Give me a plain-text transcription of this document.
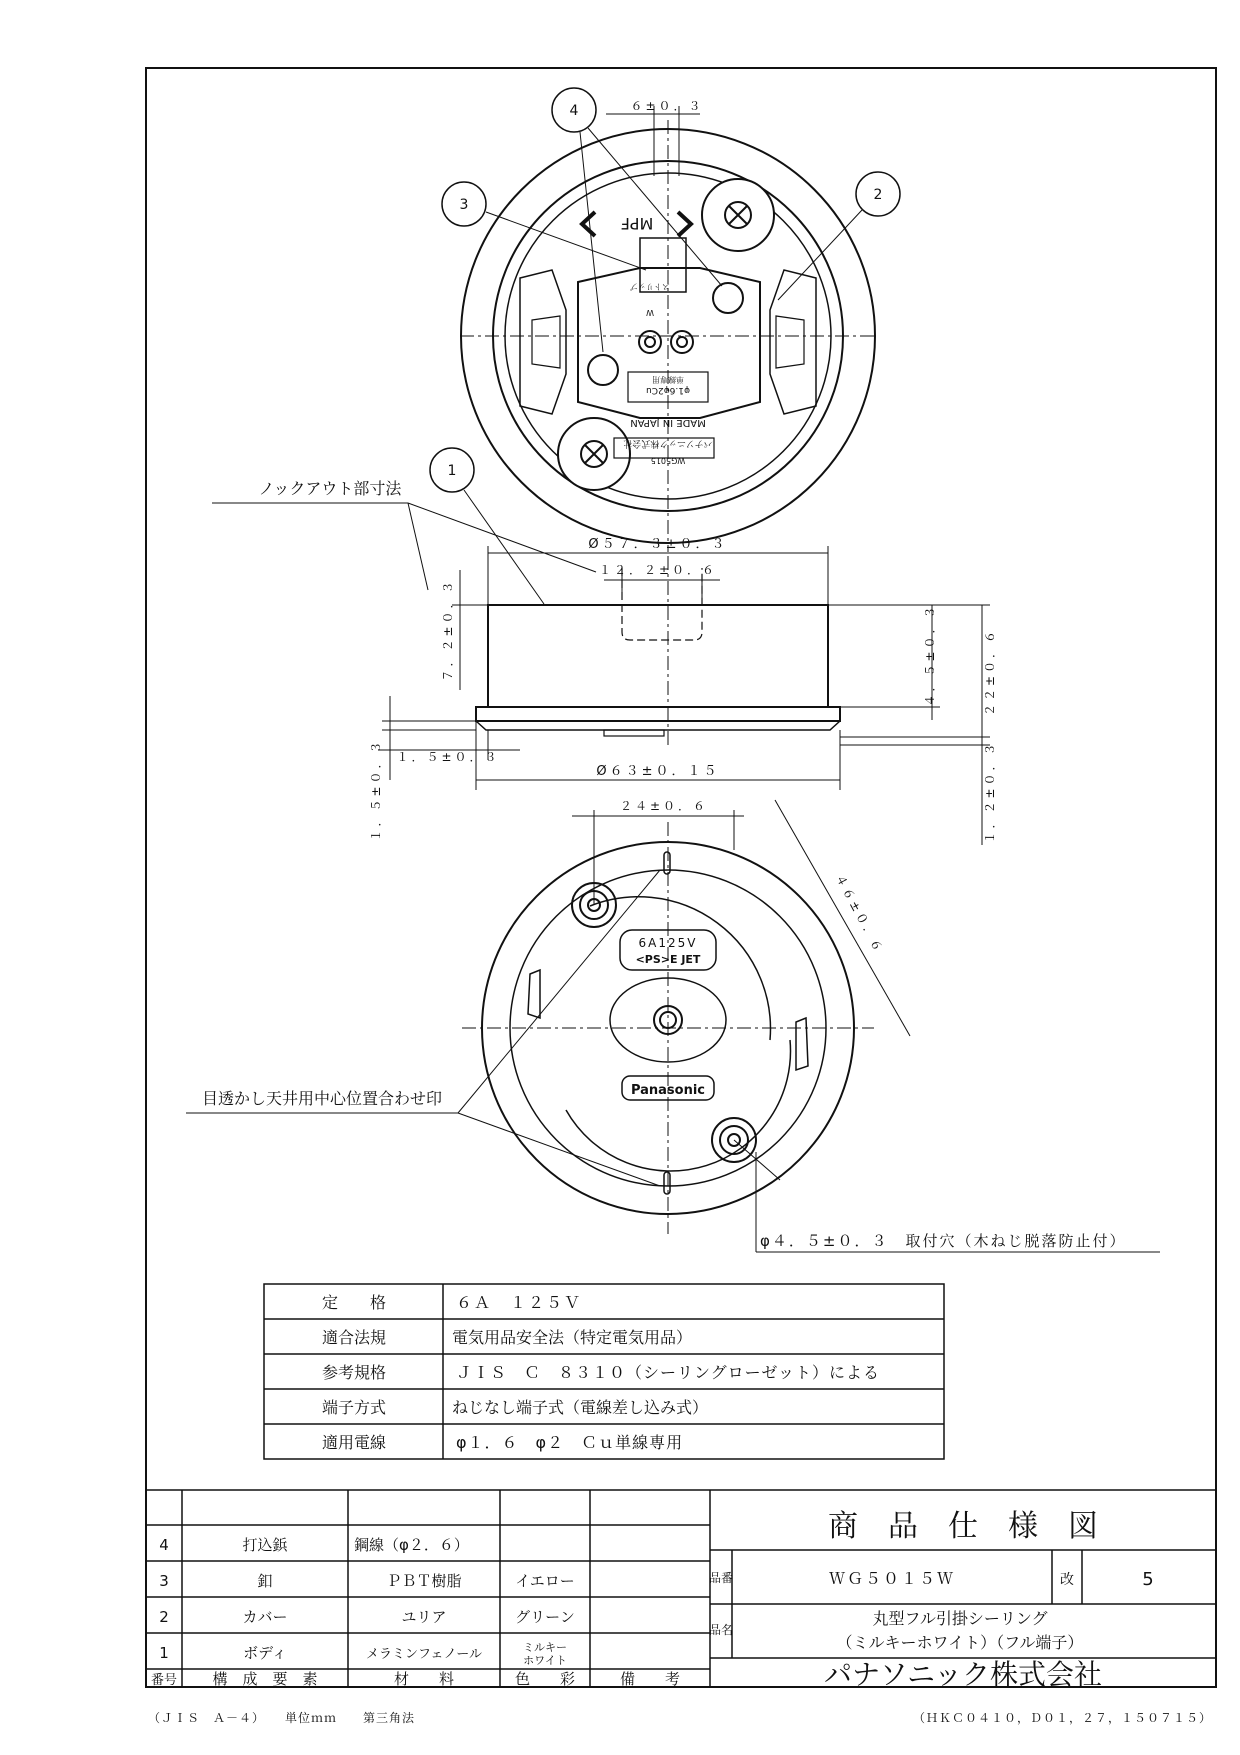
MPF
MADE IN JAPAN
パナソニック株式会社
WG5015
φ1.6φ2Cu
単線専用
ストリップ
W
６±０．３
4
3
2
1
Ø５７．３±０．３
１２．２±０．６
７．２±０．３	２２±０．６
４．５±０．３
１．５±０．３
１．５±０．３	Ø６３±０．１５	１．２±０．３
ノックアウト部寸法
6A125V
<PS>E JET
Panasonic
２４±０．６
４６±０．６
目透かし天井用中心位置合わせ印
φ４．５±０．３　取付穴（木ねじ脱落防止付）
定　　格	６Ａ　１２５Ｖ
適合法規	電気用品安全法（特定電気用品）
参考規格	ＪＩＳ　Ｃ　８３１０（シーリングローゼット）による
端子方式	ねじなし端子式（電線差し込み式）
適用電線	φ１．６　φ２　Ｃｕ単線専用
4	打込鋲	鋼線（φ２．６）
3	釦	ＰＢＴ樹脂	イエロー
2	カバー	ユリア	グリーン
1	ボディ	メラミンフェノール	ミルキーホワイト
番号 構　成　要　素	材　　料	色　　彩	備　　考
商　品　仕　様　図
品番	ＷＧ５０１５Ｗ	改	5
品名
丸型フル引掛シーリング
（ミルキーホワイト）（フル端子）
パナソニック株式会社
（ＪＩＳ　Ａ－４）　　単位ｍｍ　　第三角法	（ＨＫＣ０４１０，Ｄ０１，２７，１５０７１５）
